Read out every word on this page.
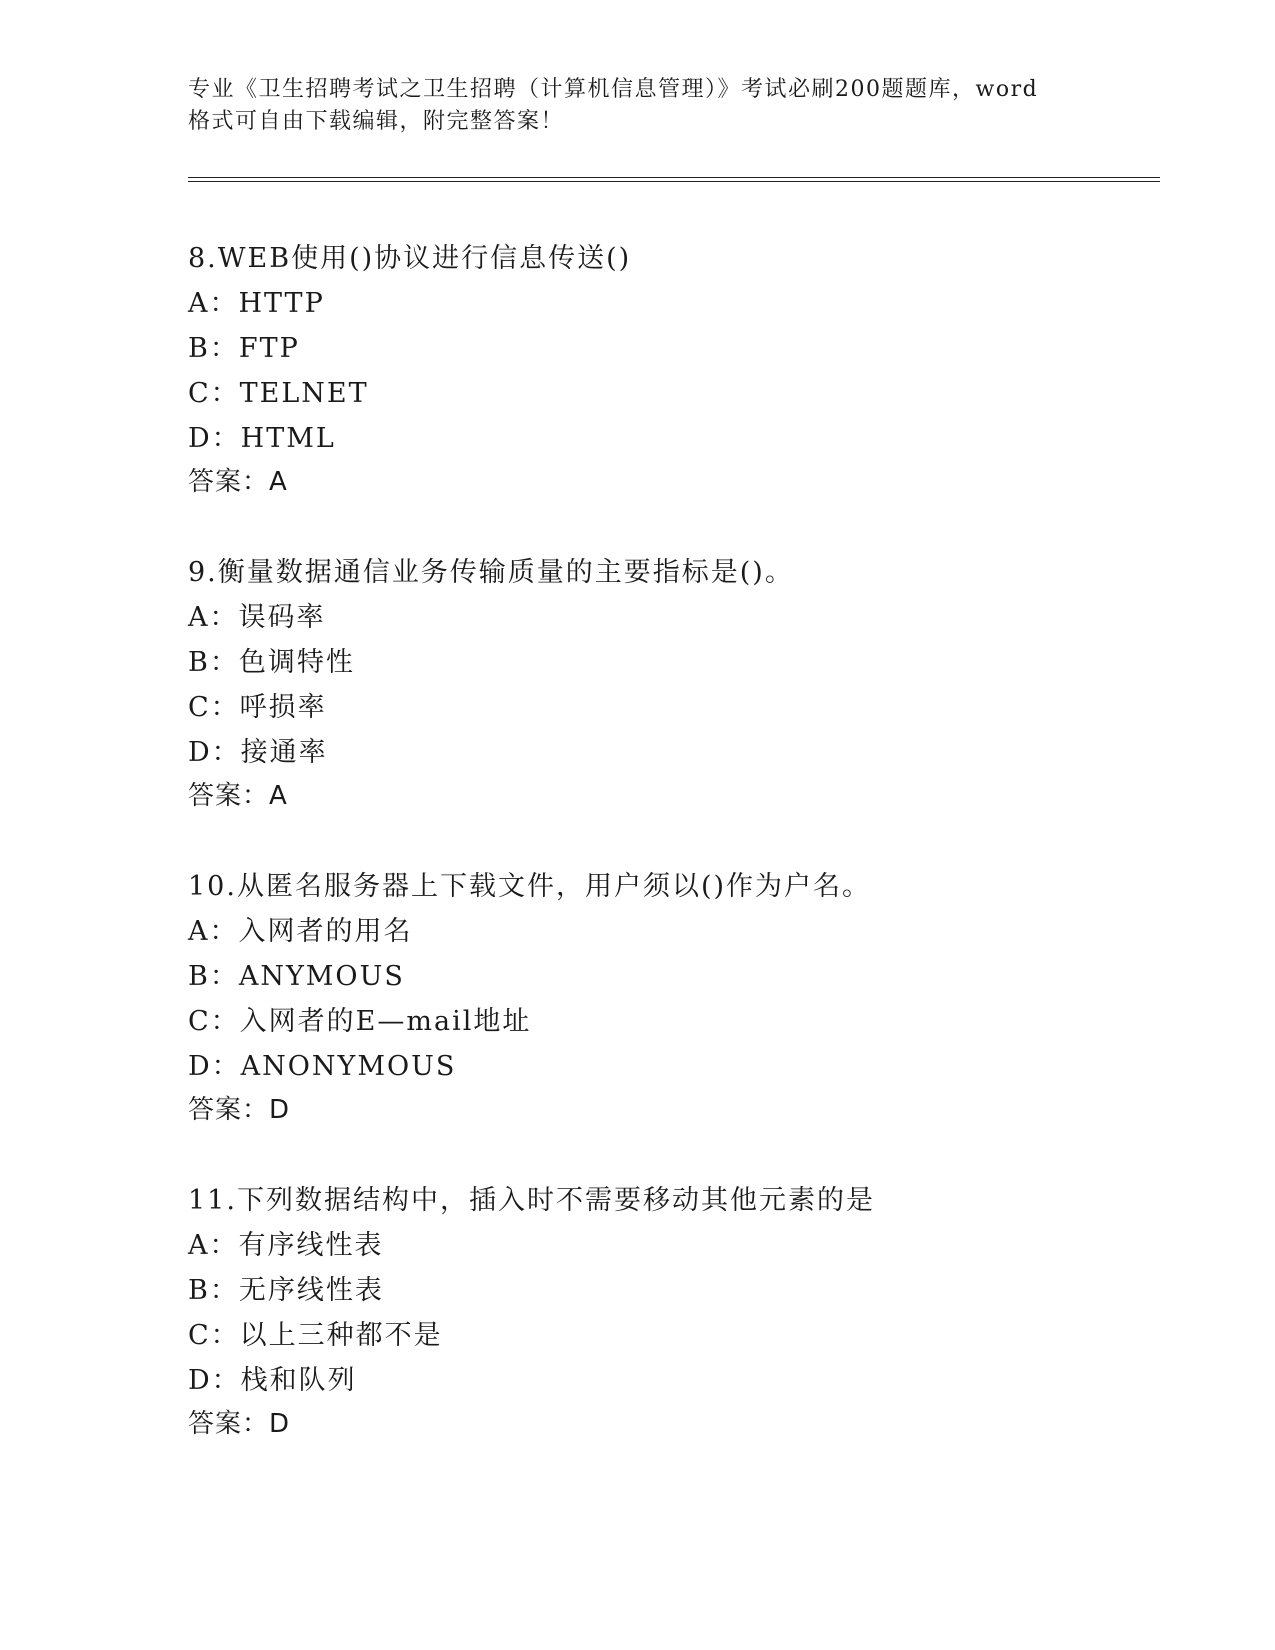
专业《卫生招聘考试之卫生招聘（计算机信息管理）》考试必刷200题题库，word
格式可自由下载编辑，附完整答案！
8.WEB使用()协议进行信息传送()
A：HTTP
B：FTP
C：TELNET
D：HTML
答案：A
9.衡量数据通信业务传输质量的主要指标是()。
A：误码率
B：色调特性
C：呼损率
D：接通率
答案：A
10.从匿名服务器上下载文件，用户须以()作为户名。
A：入网者的用名
B：ANYMOUS
C：入网者的E—mail地址
D：ANONYMOUS
答案：D
11.下列数据结构中，插入时不需要移动其他元素的是
A：有序线性表
B：无序线性表
C：以上三种都不是
D：栈和队列
答案：D
